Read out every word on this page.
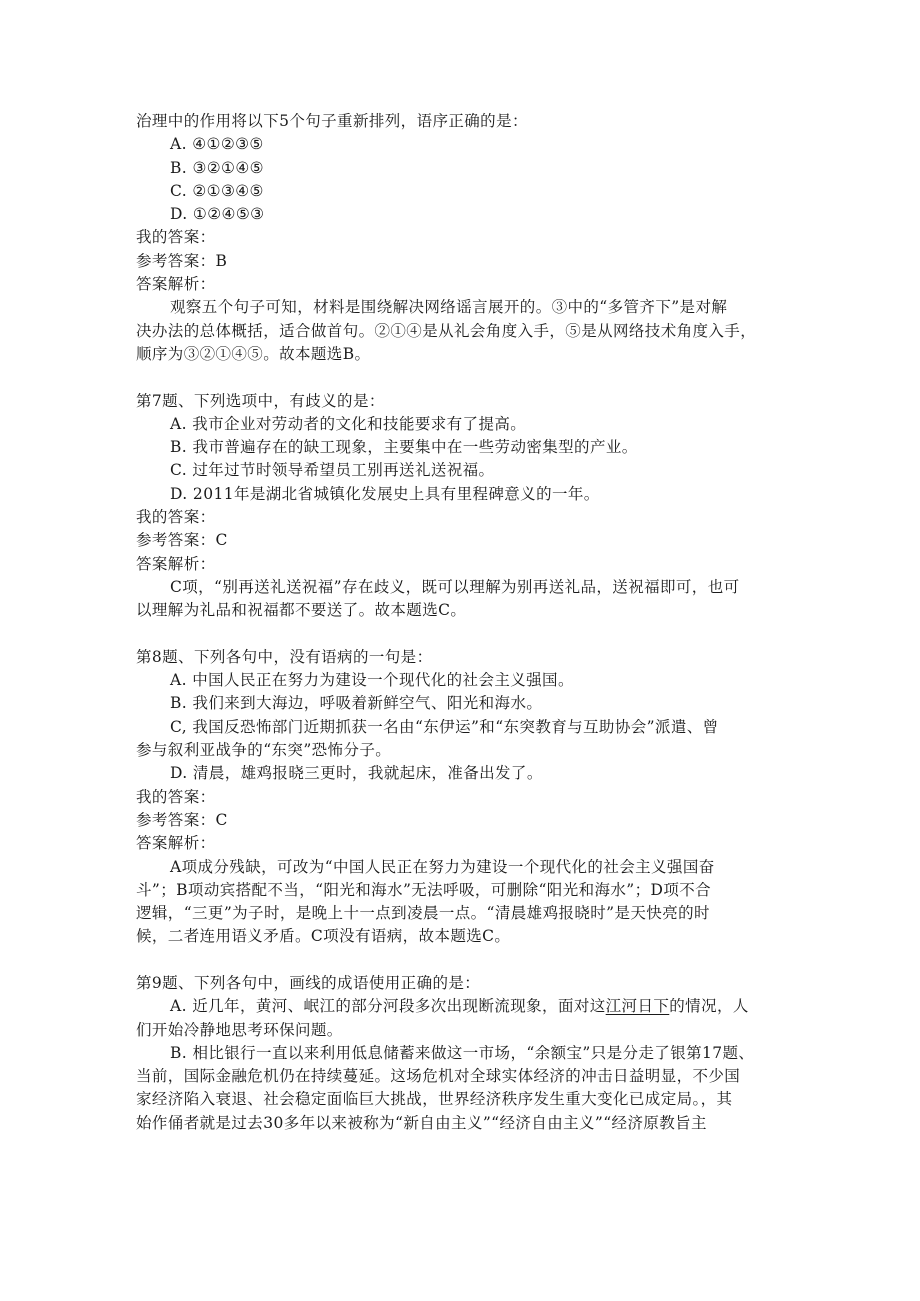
治理中的作用将以下5个句子重新排列，语序正确的是：
A. ④①②③⑤
B. ③②①④⑤
C. ②①③④⑤
D. ①②④⑤③
我的答案：
参考答案：B
答案解析：
观察五个句子可知，材料是围绕解决网络谣言展开的。③中的“多管齐下”是对解
决办法的总体概括，适合做首句。②①④是从礼会角度入手，⑤是从网络技术角度入手，
顺序为③②①④⑤。故本题选B。
第7题、下列选项中，有歧义的是：
A. 我市企业对劳动者的文化和技能要求有了提高。
B. 我市普遍存在的缺工现象，主要集中在一些劳动密集型的产业。
C. 过年过节时领导希望员工别再送礼送祝福。
D. 2011年是湖北省城镇化发展史上具有里程碑意义的一年。
我的答案：
参考答案：C
答案解析：
C项，“别再送礼送祝福”存在歧义，既可以理解为别再送礼品，送祝福即可，也可
以理解为礼品和祝福都不要送了。故本题选C。
第8题、下列各句中，没有语病的一句是：
A. 中国人民正在努力为建设一个现代化的社会主义强国。
B. 我们来到大海边，呼吸着新鲜空气、阳光和海水。
C, 我国反恐怖部门近期抓获一名由“东伊运”和“东突教育与互助协会”派遣、曾
参与叙利亚战争的“东突”恐怖分子。
D. 清晨，雄鸡报晓三更时，我就起床，准备出发了。
我的答案：
参考答案：C
答案解析：
A项成分残缺，可改为“中国人民正在努力为建设一个现代化的社会主义强国奋
斗”；B项动宾搭配不当，“阳光和海水”无法呼吸，可删除“阳光和海水”；D项不合
逻辑，“三更”为子时，是晚上十一点到凌晨一点。“清晨雄鸡报晓时”是天快亮的时
候，二者连用语义矛盾。C项没有语病，故本题选C。
第9题、下列各句中，画线的成语使用正确的是：
A. 近几年，黄河、岷江的部分河段多次出现断流现象，面对这江河日下的情况，人
们开始冷静地思考环保问题。
B. 相比银行一直以来利用低息储蓄来做这一市场，“余额宝”只是分走了银第17题、
当前，国际金融危机仍在持续蔓延。这场危机对全球实体经济的冲击日益明显，不少国
家经济陷入衰退、社会稳定面临巨大挑战，世界经济秩序发生重大变化已成定局。，其
始作俑者就是过去30多年以来被称为“新自由主义”“经济自由主义”“经济原教旨主
